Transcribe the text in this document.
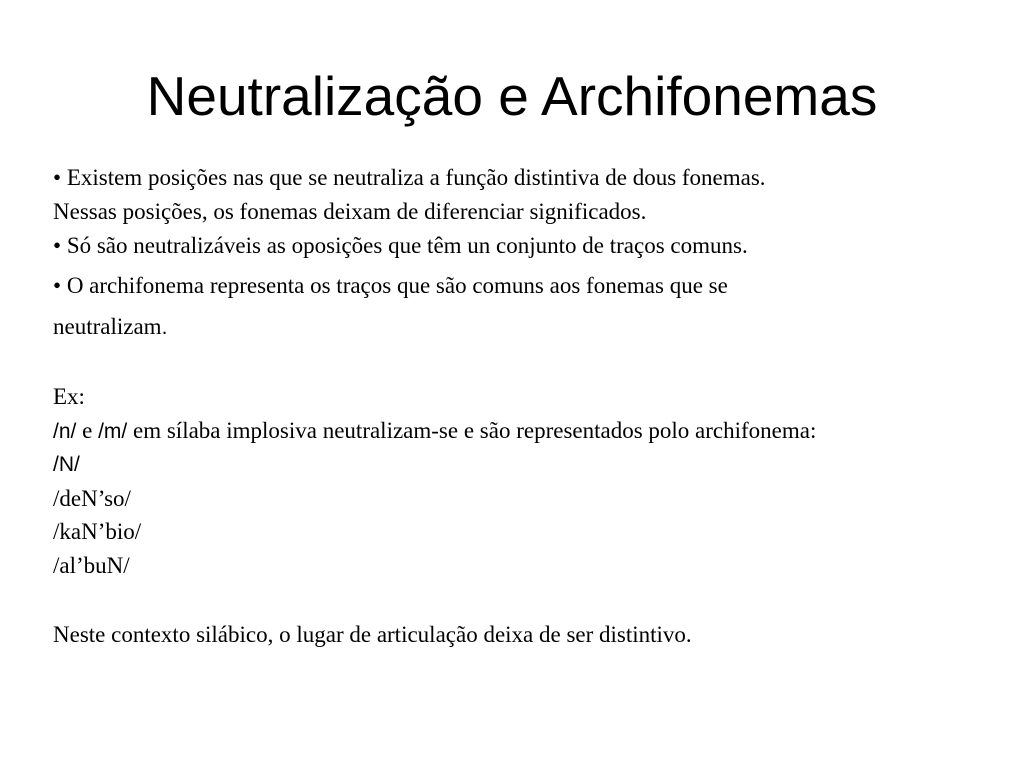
Neutralização e Archifonemas
• Existem posições nas que se neutraliza a função distintiva de dous fonemas.
Nessas posições, os fonemas deixam de diferenciar significados.
• Só são neutralizáveis as oposições que têm un conjunto de traços comuns.
• O archifonema representa os traços que são comuns aos fonemas que se
neutralizam.
Ex:
/n/ e /m/ em sílaba implosiva neutralizam-se e são representados polo archifonema:
/N/
/deN’so/
/kaN’bio/
/al’buN/
Neste contexto silábico, o lugar de articulação deixa de ser distintivo.
